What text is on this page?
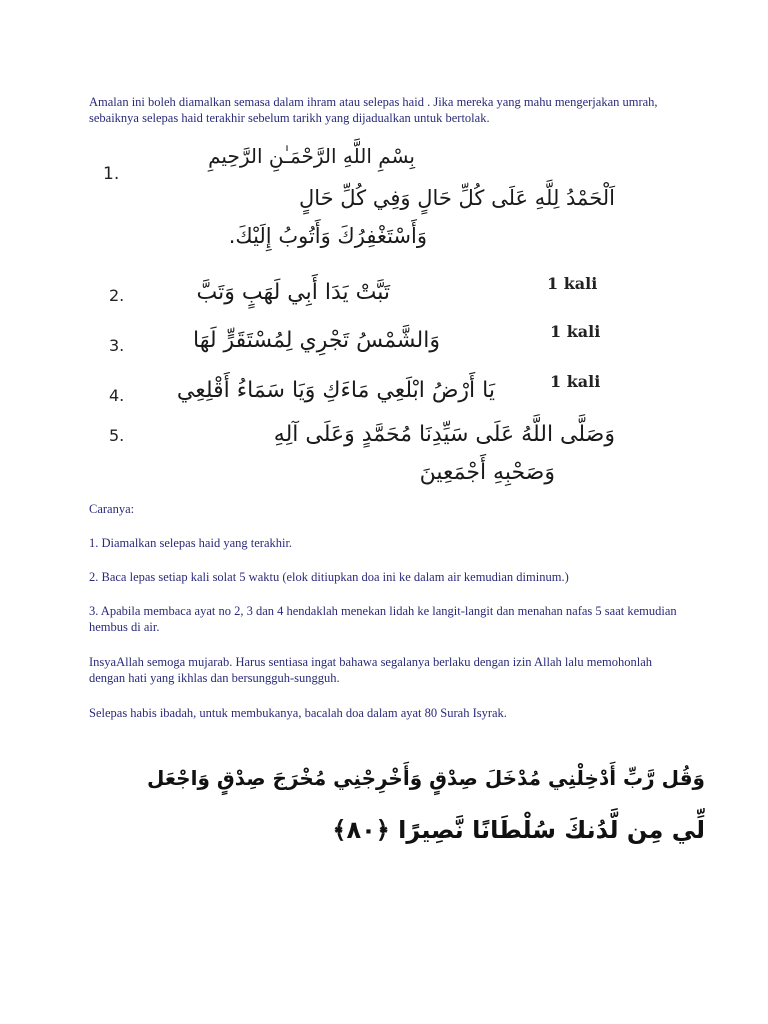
Amalan ini boleh diamalkan semasa dalam ihram atau selepas haid . Jika mereka yang mahu mengerjakan umrah, sebaiknya selepas haid terakhir sebelum tarikh yang dijadualkan untuk bertolak.
1.
بِسْمِ اللَّهِ الرَّحْمَـٰنِ الرَّحِيمِ
اَلْحَمْدُ لِلَّهِ عَلَى كُلِّ حَالٍ وَفِي كُلِّ حَالٍ
وَأَسْتَغْفِرُكَ وَأَتُوبُ إِلَيْكَ.
2.	تَبَّتْ يَدَا أَبِي لَهَبٍ وَتَبَّ	1 kali
3.	وَالشَّمْسُ تَجْرِي لِمُسْتَقَرٍّ لَهَا	1 kali
4. يَا أَرْضُ ابْلَعِي مَاءَكِ وَيَا سَمَاءُ أَقْلِعِي	1 kali
5.	وَصَلَّى اللَّهُ عَلَى سَيِّدِنَا مُحَمَّدٍ وَعَلَى آلِهِ
وَصَحْبِهِ أَجْمَعِينَ
Caranya:
1. Diamalkan selepas haid yang terakhir.
2. Baca lepas setiap kali solat 5 waktu (elok ditiupkan doa ini ke dalam air kemudian diminum.)
3. Apabila membaca ayat no 2, 3 dan 4 hendaklah menekan lidah ke langit-langit dan menahan nafas 5 saat kemudian hembus di air.
InsyaAllah semoga mujarab. Harus sentiasa ingat bahawa segalanya berlaku dengan izin Allah lalu memohonlah dengan hati yang ikhlas dan bersungguh-sungguh.
Selepas habis ibadah, untuk membukanya, bacalah doa dalam ayat 80 Surah Isyrak.
وَقُل رَّبِّ أَدْخِلْنِي مُدْخَلَ صِدْقٍ وَأَخْرِجْنِي مُخْرَجَ صِدْقٍ وَاجْعَل
لِّي مِن لَّدُنكَ سُلْطَانًا نَّصِيرًا ﴿٨٠﴾
